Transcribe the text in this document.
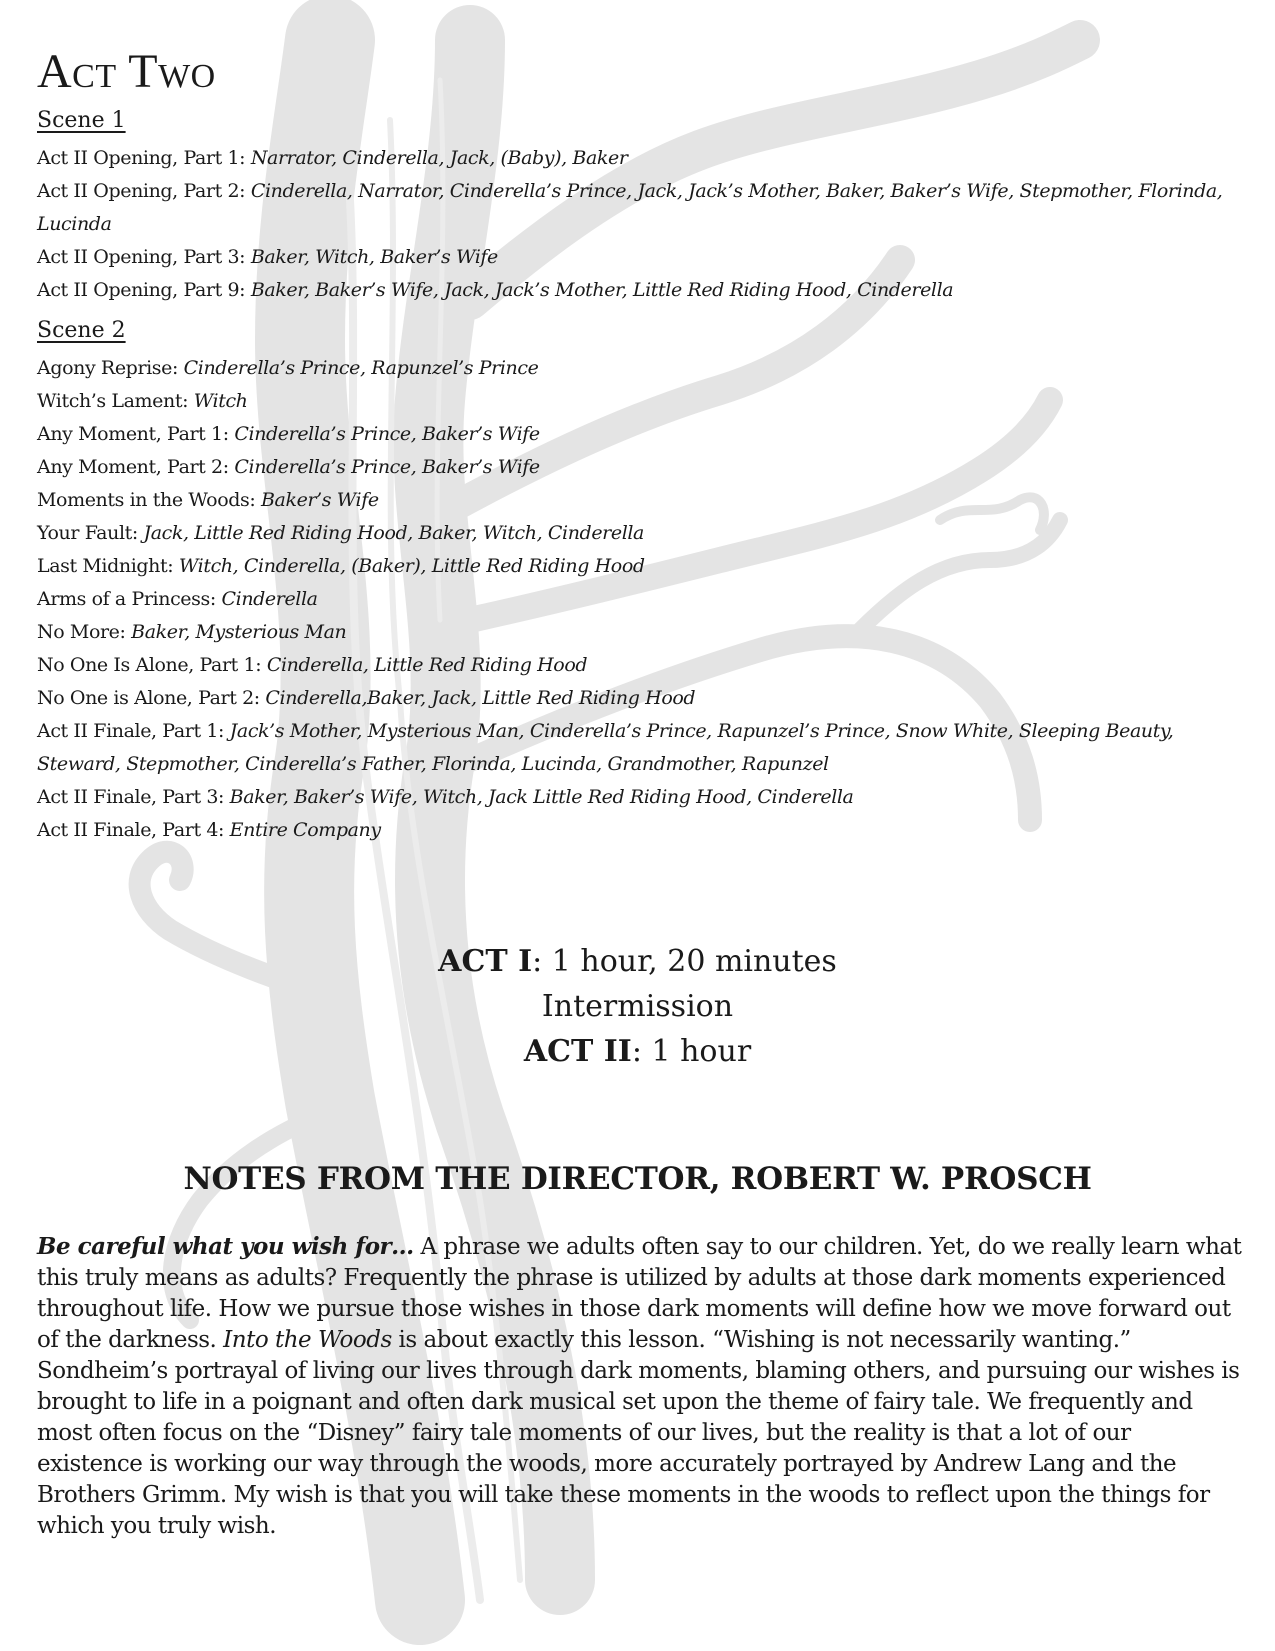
Act Two
Scene 1
Act II Opening, Part 1: Narrator, Cinderella, Jack, (Baby), Baker
Act II Opening, Part 2: Cinderella, Narrator, Cinderella’s Prince, Jack, Jack’s Mother, Baker, Baker’s Wife, Stepmother, Florinda, Lucinda
Act II Opening, Part 3: Baker, Witch, Baker’s Wife
Act II Opening, Part 9: Baker, Baker’s Wife, Jack, Jack’s Mother, Little Red Riding Hood, Cinderella
Scene 2
Agony Reprise: Cinderella’s Prince, Rapunzel’s Prince
Witch’s Lament: Witch
Any Moment, Part 1: Cinderella’s Prince, Baker’s Wife
Any Moment, Part 2: Cinderella’s Prince, Baker’s Wife
Moments in the Woods: Baker’s Wife
Your Fault: Jack, Little Red Riding Hood, Baker, Witch, Cinderella
Last Midnight: Witch, Cinderella, (Baker), Little Red Riding Hood
Arms of a Princess: Cinderella
No More: Baker, Mysterious Man
No One Is Alone, Part 1: Cinderella, Little Red Riding Hood
No One is Alone, Part 2: Cinderella,Baker, Jack, Little Red Riding Hood
Act II Finale, Part 1: Jack’s Mother, Mysterious Man, Cinderella’s Prince, Rapunzel’s Prince, Snow White, Sleeping Beauty, Steward, Stepmother, Cinderella’s Father, Florinda, Lucinda, Grandmother, Rapunzel
Act II Finale, Part 3: Baker, Baker’s Wife, Witch, Jack Little Red Riding Hood, Cinderella
Act II Finale, Part 4: Entire Company
ACT I: 1 hour, 20 minutes
Intermission
ACT II: 1 hour
NOTES FROM THE DIRECTOR, ROBERT W. PROSCH

Be careful what you wish for… A phrase we adults often say to our children. Yet, do we really learn what this truly means as adults? Frequently the phrase is utilized by adults at those dark moments experienced throughout life. How we pursue those wishes in those dark moments will define how we move forward out of the darkness. Into the Woods is about exactly this lesson. “Wishing is not necessarily wanting.” Sondheim’s portrayal of living our lives through dark moments, blaming others, and pursuing our wishes is brought to life in a poignant and often dark musical set upon the theme of fairy tale. We frequently and most often focus on the “Disney” fairy tale moments of our lives, but the reality is that a lot of our existence is working our way through the woods, more accurately portrayed by Andrew Lang and the Brothers Grimm. My wish is that you will take these moments in the woods to reflect upon the things for which you truly wish.
